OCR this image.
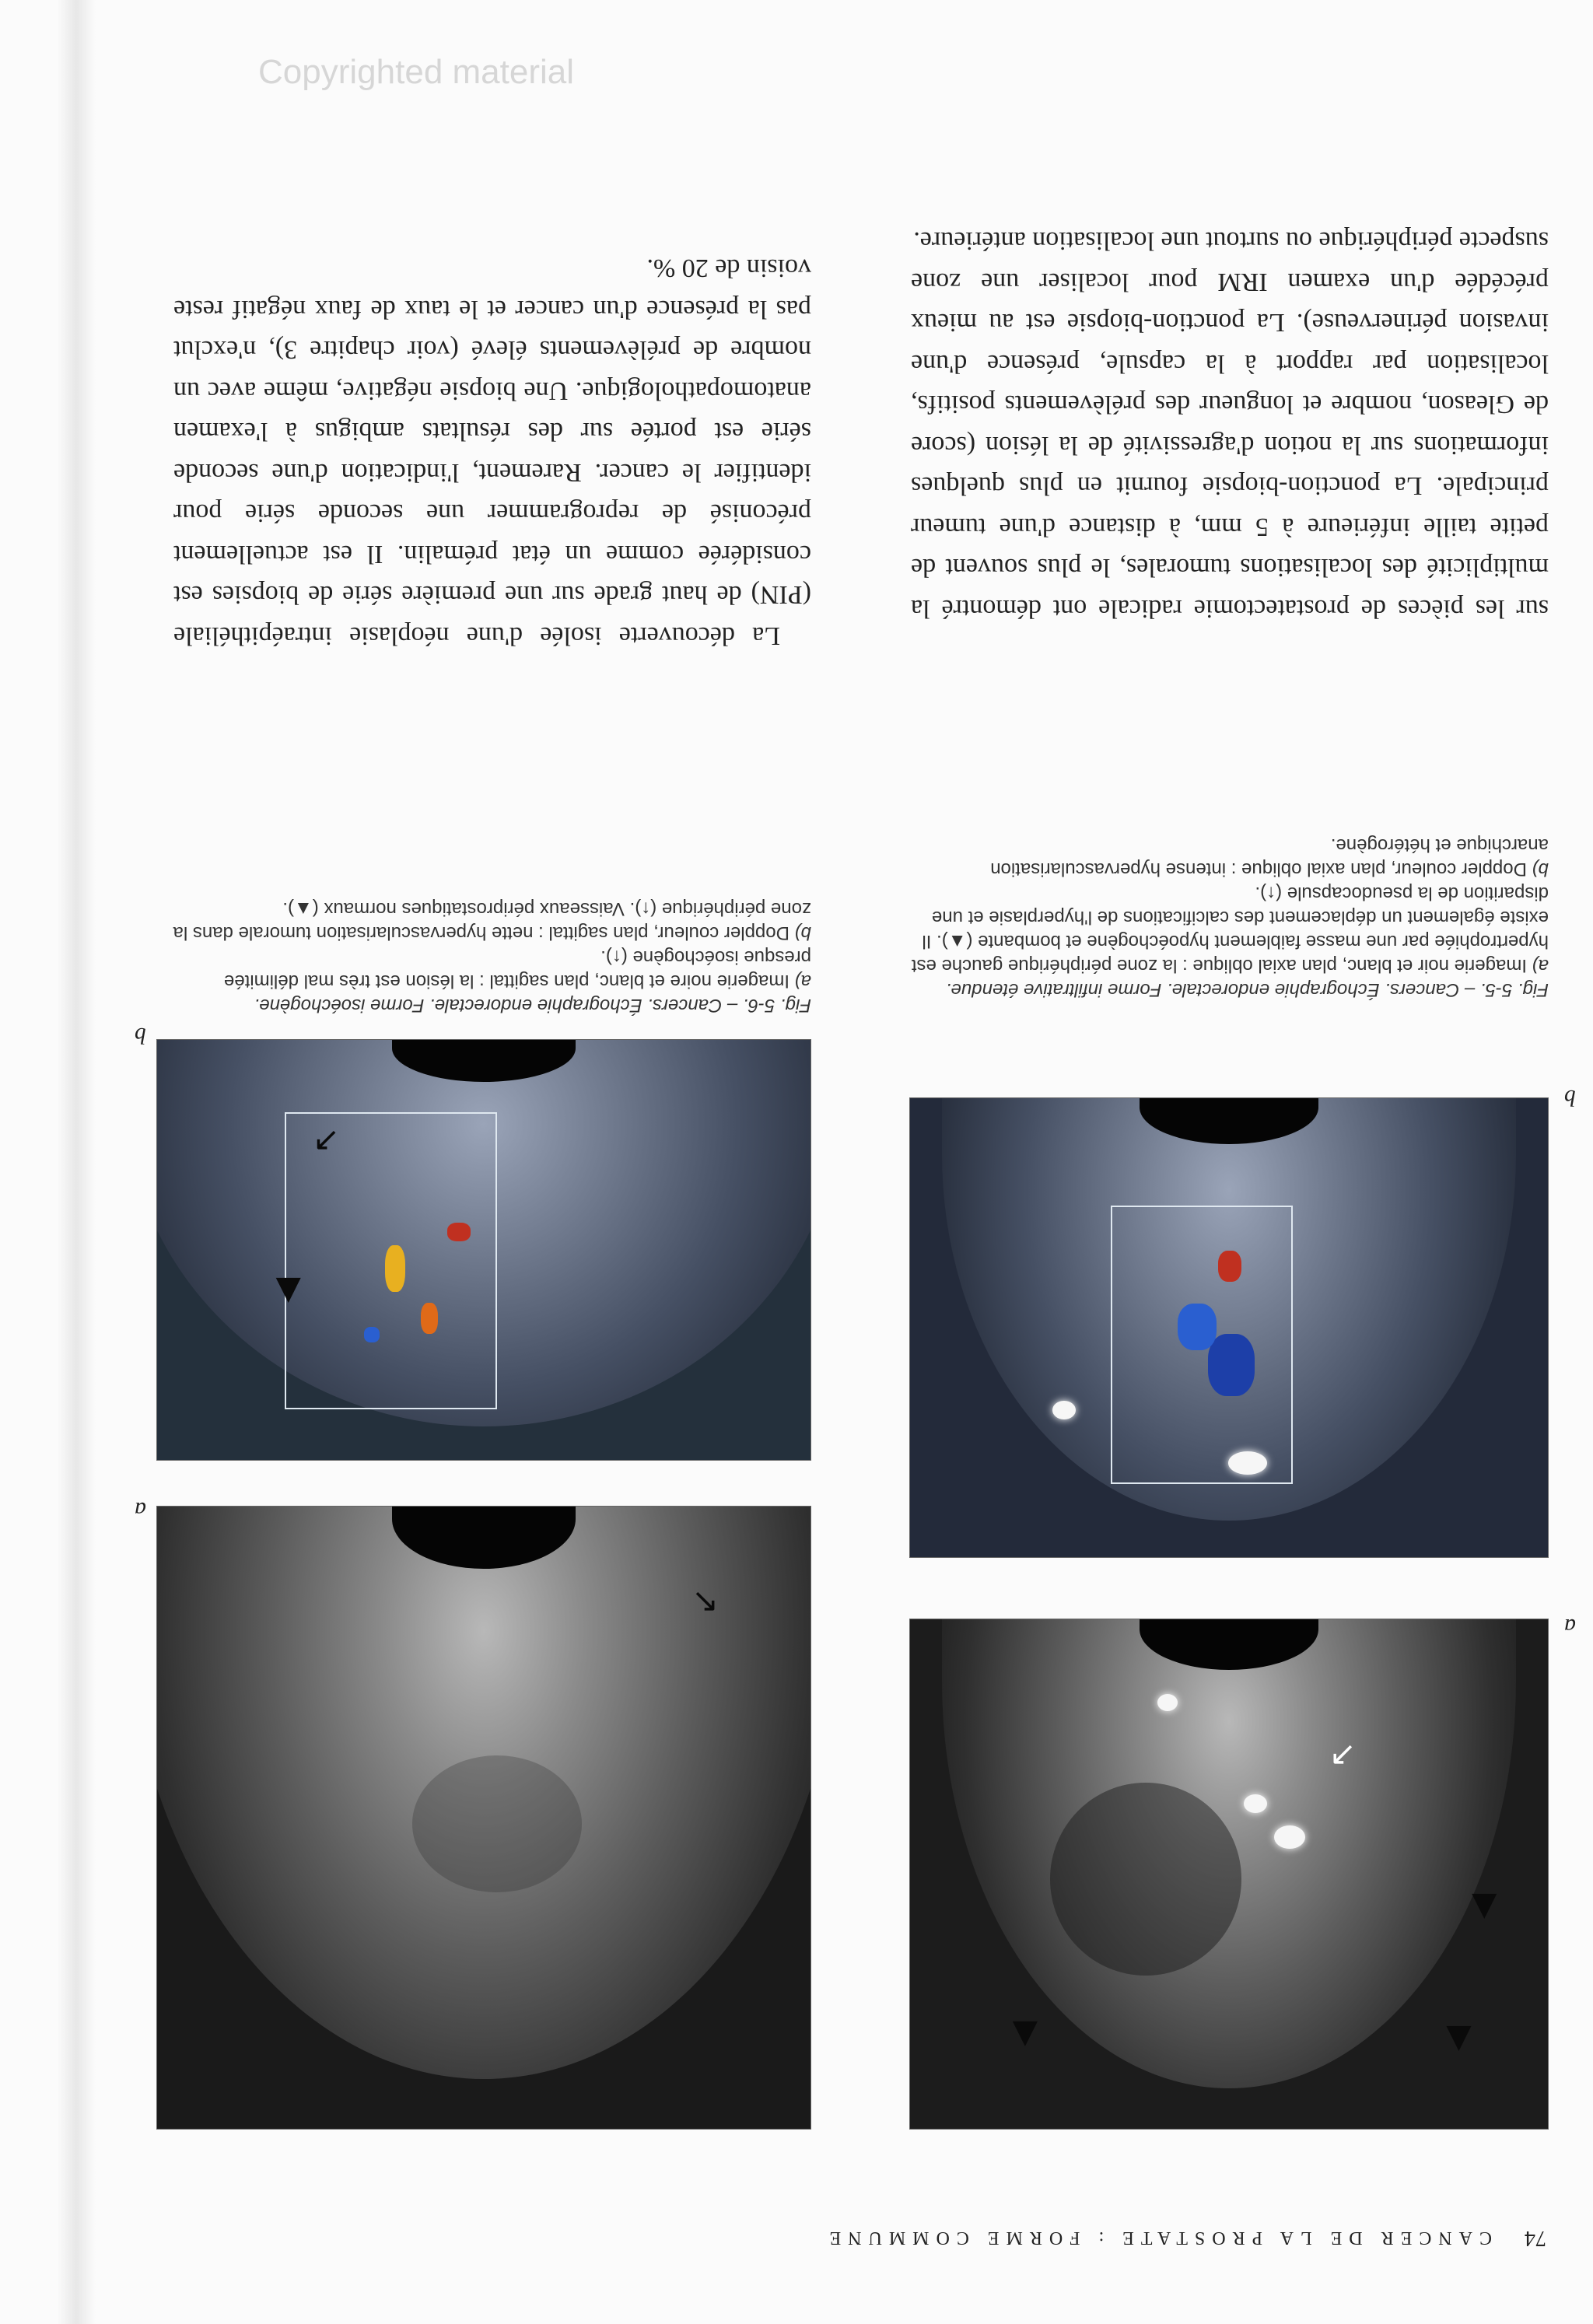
74
CANCER DE LA PROSTATE : FORME COMMUNE
↗
▲
▲
▲
↖
▲
↗
a
b
a
b
Fig. 5-5. – Cancers. Échographie endorectale. Forme infiltrative étendue.
a) Imagerie noir et blanc, plan axial oblique : la zone périphérique gauche est hypertrophiée par une masse faiblement hypoéchogène et bombante (▲). Il existe également un déplacement des calcifications de l'hyperplasie et une disparition de la pseudocapsule (↑).
b) Doppler couleur, plan axial oblique : intense hypervascularisation anarchique et hétérogène.
Fig. 5-6. – Cancers. Échographie endorectale. Forme isoéchogène.
a) Imagerie noire et blanc, plan sagittal : la lésion est très mal délimitée presque isoéchogène (↑).
b) Doppler couleur, plan sagittal : nette hypervascularisation tumorale dans la zone périphérique (↑). Vaisseaux périprostatiques normaux (▲).

sur les pièces de prostatectomie radicale ont démontré la multiplicité des localisations tumorales, le plus souvent de petite taille inférieure à 5 mm, à distance d'une tumeur principale. La ponction-biopsie fournit en plus quelques informations sur la notion d'agressivité de la lésion (score de Gleason, nombre et longueur des prélèvements positifs, localisation par rapport à la capsule, présence d'une invasion périnerveuse). La ponction-biopsie est au mieux précédée d'un examen IRM pour localiser une zone suspecte périphérique ou surtout une localisation antérieure.

La découverte isolée d'une néoplasie intraépithéliale (PIN) de haut grade sur une première série de biopsies est considérée comme un état prémalin. Il est actuellement préconisé de reprogrammer une seconde série pour identifier le cancer. Rarement, l'indication d'une seconde série est portée sur des résultats ambigus à l'examen anatomopathologique. Une biopsie négative, même avec un nombre de prélèvements élevé (voir chapitre 3), n'exclut pas la présence d'un cancer et le taux de faux négatif reste voisin de 20 %.

Copyrighted material
